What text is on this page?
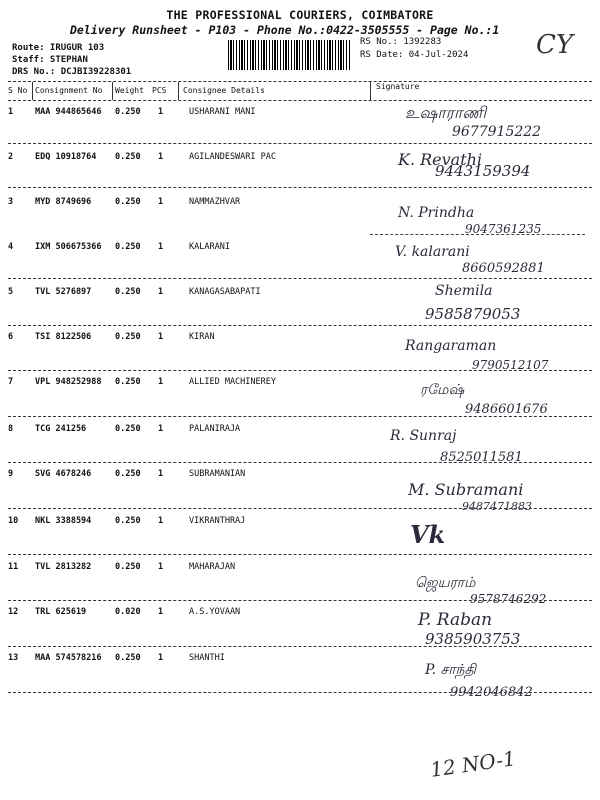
THE PROFESSIONAL COURIERS, COIMBATORE
Delivery Runsheet - P103 - Phone No.:0422-3505555 - Page No.:1
Route: IRUGUR 103
Staff: STEPHAN
DRS No.: DCJBI39228301
RS No.: 1392283
RS Date: 04-Jul-2024	CY
S No Consignment No Weight PCS Consignee Details	Signature
1	MAA 944865646 0.250 1	USHARANI MANI	உஷாராணி
9677915222
2	EDQ 10918764 0.250 1	AGILANDESWARI PAC	K. Revathi
9443159394
3	MYD 8749696	0.250 1	NAMMAZHVAR
N. Prindha
9047361235
4	IXM 506675366 0.250 1	KALARANI	V. kalarani
8660592881
5	TVL 5276897	0.250 1	KANAGASABAPATI	Shemila
9585879053
6	TSI 8122506	0.250 1	KIRAN
Rangaraman
9790512107
7	VPL 948252988 0.250 1	ALLIED MACHINEREY	ரமேஷ்
9486601676
8	TCG 241256	0.250 1	PALANIRAJA	R. Sunraj
8525011581
9	SVG 4678246	0.250 1	SUBRAMANIAN
M. Subramani
9487471883
10 NKL 3388594	0.250 1	VIKRANTHRAJ	Vk
11 TVL 2813282	0.250 1	MAHARAJAN
ஜெயராம்
9578746292
12 TRL 625619	0.020 1	A.S.YOVAAN	P. Raban
9385903753
13 MAA 574578216 0.250 1	SHANTHI
P. சாந்தி
9942046842
12 NO-1
